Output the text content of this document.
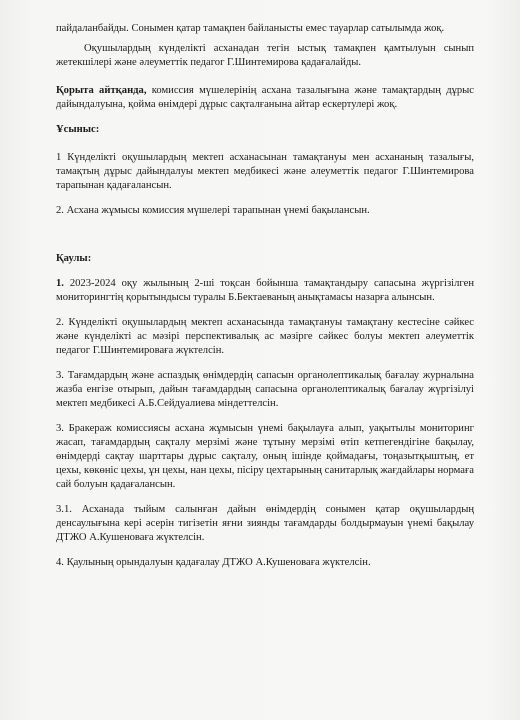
пайдаланбайды. Сонымен қатар тамақпен байланысты емес тауарлар сатылымда жоқ.

Оқушылардың күнделікті асханадан тегін ыстық тамақпен қамтылуын сынып жетекшілері және әлеуметтік педагог Г.Шинтемирова қадағалайды.

Қорыта айтқанда, комиссия мүшелерінің асхана тазалығына және тамақтардың дұрыс дайындалуына, қойма өнімдері дұрыс сақталғанына айтар ескертулері жоқ.

Ұсыныс:

1 Күнделікті оқушылардың мектеп асханасынан тамақтануы мен асхананың тазалығы, тамақтың дұрыс дайындалуы мектеп медбикесі және әлеуметтік педагог Г.Шинтемирова тарапынан қадағалансын.

2. Асхана жұмысы комиссия мүшелері тарапынан үнемі бақылансын.

Қаулы:

1. 2023-2024 оқу жылының 2-ші тоқсан бойынша тамақтандыру сапасына жүргізілген мониторингтің қорытындысы туралы Б.Бектаеваның анықтамасы назарға алынсын.

2. Күнделікті оқушылардың мектеп асханасында тамақтануы тамақтану кестесіне сәйкес және күнделікті ас мәзірі перспективалық ас мәзірге сәйкес болуы мектеп әлеуметтік педагог Г.Шинтемироваға жүктелсін.

3. Тағамдардың және аспаздық өнімдердің сапасын органолептикалық бағалау журналына жазба енгізе отырып, дайын тағамдардың сапасына органолептикалық бағалау жүргізілуі мектеп медбикесі А.Б.Сейдуалиева міндеттелсін.

3. Бракераж комиссиясы асхана жұмысын үнемі бақылауға алып, уақытылы мониторинг жасап, тағамдардың сақталу мерзімі және тұтыну мерзімі өтіп кетпегендігіне бақылау, өнімдерді сақтау шарттары дұрыс сақталу, оның ішінде қоймадағы, тоңазытқыштың, ет цехы, көкөніс цехы, ұн цехы, нан цехы, пісіру цехтарының санитарлық жағдайлары нормаға сай болуын қадағалансын.

3.1. Асханада тыйым салынған дайын өнімдердің сонымен қатар оқушылардың денсаулығына кері әсерін тигізетін яғни зиянды тағамдарды болдырмауын үнемі бақылау ДТЖО А.Кушеноваға жүктелсін.

4. Қаулының орындалуын қадағалау ДТЖО А.Кушеноваға жүктелсін.
